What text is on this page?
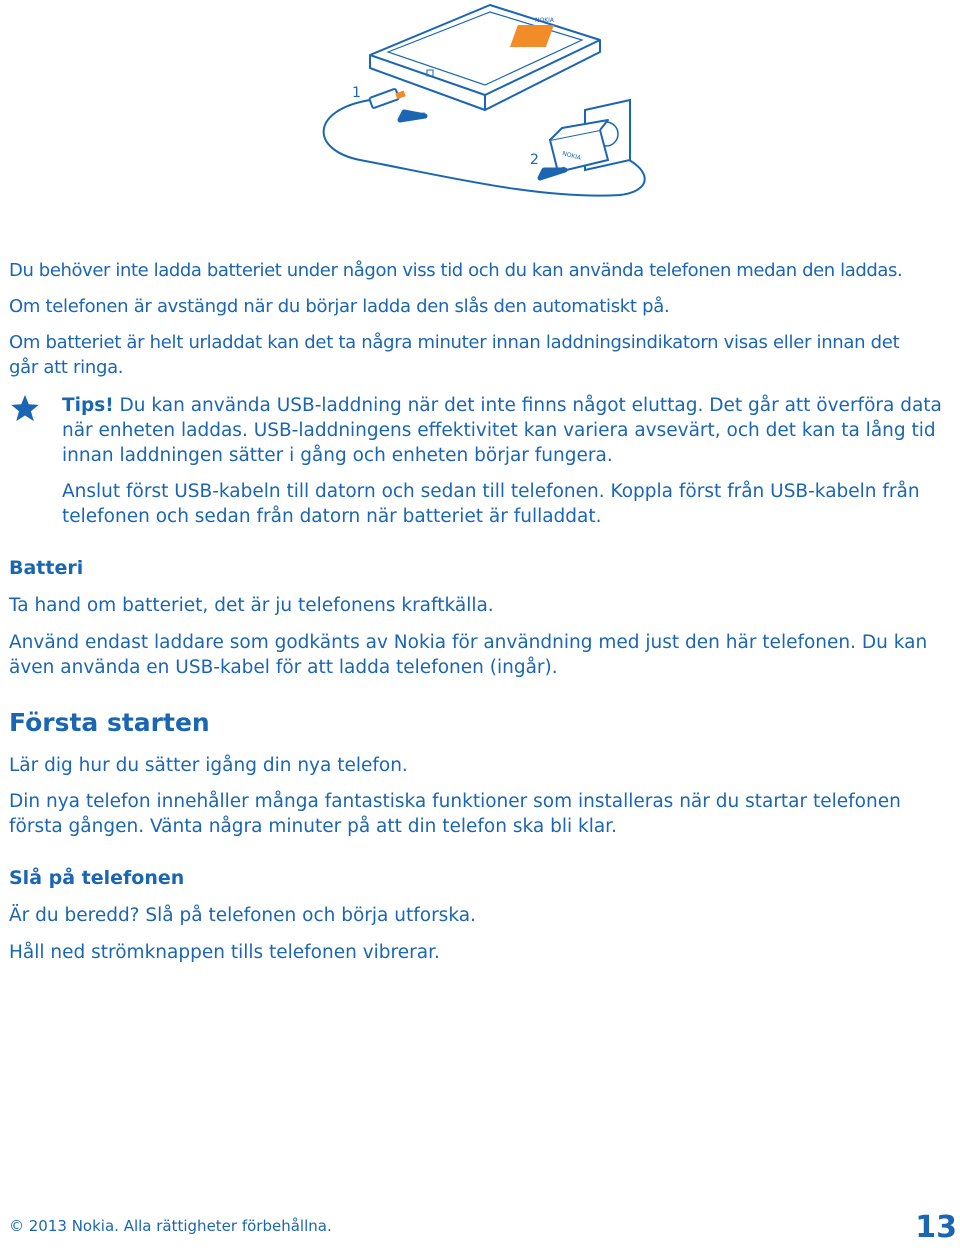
NOKIA
1
NOKIA
2

Du behöver inte ladda batteriet under någon viss tid och du kan använda telefonen medan den laddas.

Om telefonen är avstängd när du börjar ladda den slås den automatiskt på.

Om batteriet är helt urladdat kan det ta några minuter innan laddningsindikatorn visas eller innan det

går att ringa.

Tips! Du kan använda USB-laddning när det inte finns något eluttag. Det går att överföra data

när enheten laddas. USB-laddningens effektivitet kan variera avsevärt, och det kan ta lång tid

innan laddningen sätter i gång och enheten börjar fungera.

Anslut först USB-kabeln till datorn och sedan till telefonen. Koppla först från USB-kabeln från

telefonen och sedan från datorn när batteriet är fulladdat.

Batteri

Ta hand om batteriet, det är ju telefonens kraftkälla.

Använd endast laddare som godkänts av Nokia för användning med just den här telefonen. Du kan

även använda en USB-kabel för att ladda telefonen (ingår).

Första starten

Lär dig hur du sätter igång din nya telefon.

Din nya telefon innehåller många fantastiska funktioner som installeras när du startar telefonen

första gången. Vänta några minuter på att din telefon ska bli klar.

Slå på telefonen

Är du beredd? Slå på telefonen och börja utforska.

Håll ned strömknappen tills telefonen vibrerar.

© 2013 Nokia. Alla rättigheter förbehållna.	13
